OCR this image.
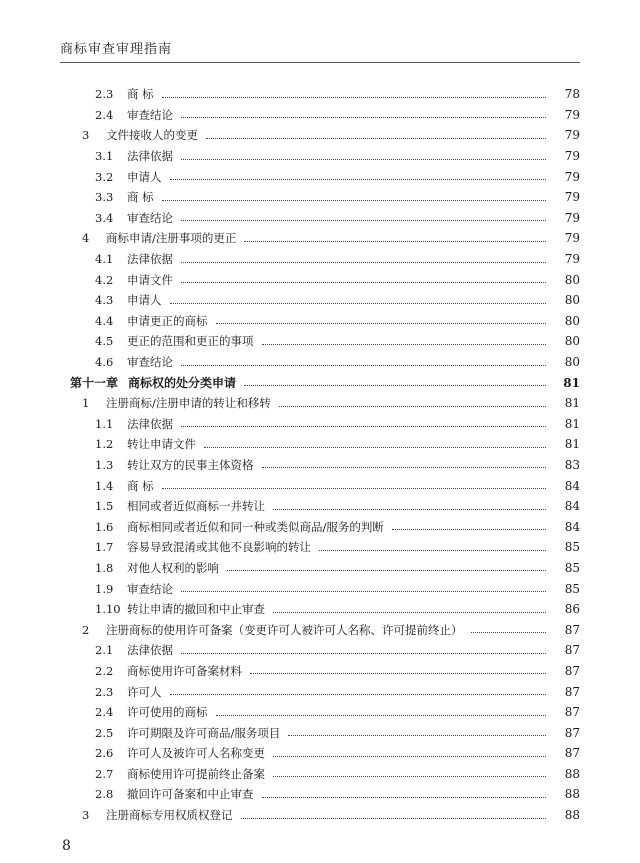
商标审查审理指南
2.3	商 标	78
2.4	审查结论	79
3	文件接收人的变更	79
3.1	法律依据	79
3.2	申请人	79
3.3	商 标	79
3.4	审查结论	79
4	商标申请/注册事项的更正	79
4.1	法律依据	79
4.2	申请文件	80
4.3	申请人	80
4.4	申请更正的商标	80
4.5	更正的范围和更正的事项	80
4.6	审查结论	80
第十一章 商标权的处分类申请	81
1	注册商标/注册申请的转让和移转	81
1.1	法律依据	81
1.2	转让申请文件	81
1.3	转让双方的民事主体资格	83
1.4	商 标	84
1.5	相同或者近似商标一并转让	84
1.6	商标相同或者近似和同一种或类似商品/服务的判断	84
1.7	容易导致混淆或其他不良影响的转让	85
1.8	对他人权利的影响	85
1.9	审查结论	85
1.10 转让申请的撤回和中止审查	86
2	注册商标的使用许可备案（变更许可人被许可人名称、许可提前终止）	87
2.1	法律依据	87
2.2	商标使用许可备案材料	87
2.3	许可人	87
2.4	许可使用的商标	87
2.5	许可期限及许可商品/服务项目	87
2.6	许可人及被许可人名称变更	87
2.7	商标使用许可提前终止备案	88
2.8	撤回许可备案和中止审查	88
3	注册商标专用权质权登记	88
8
